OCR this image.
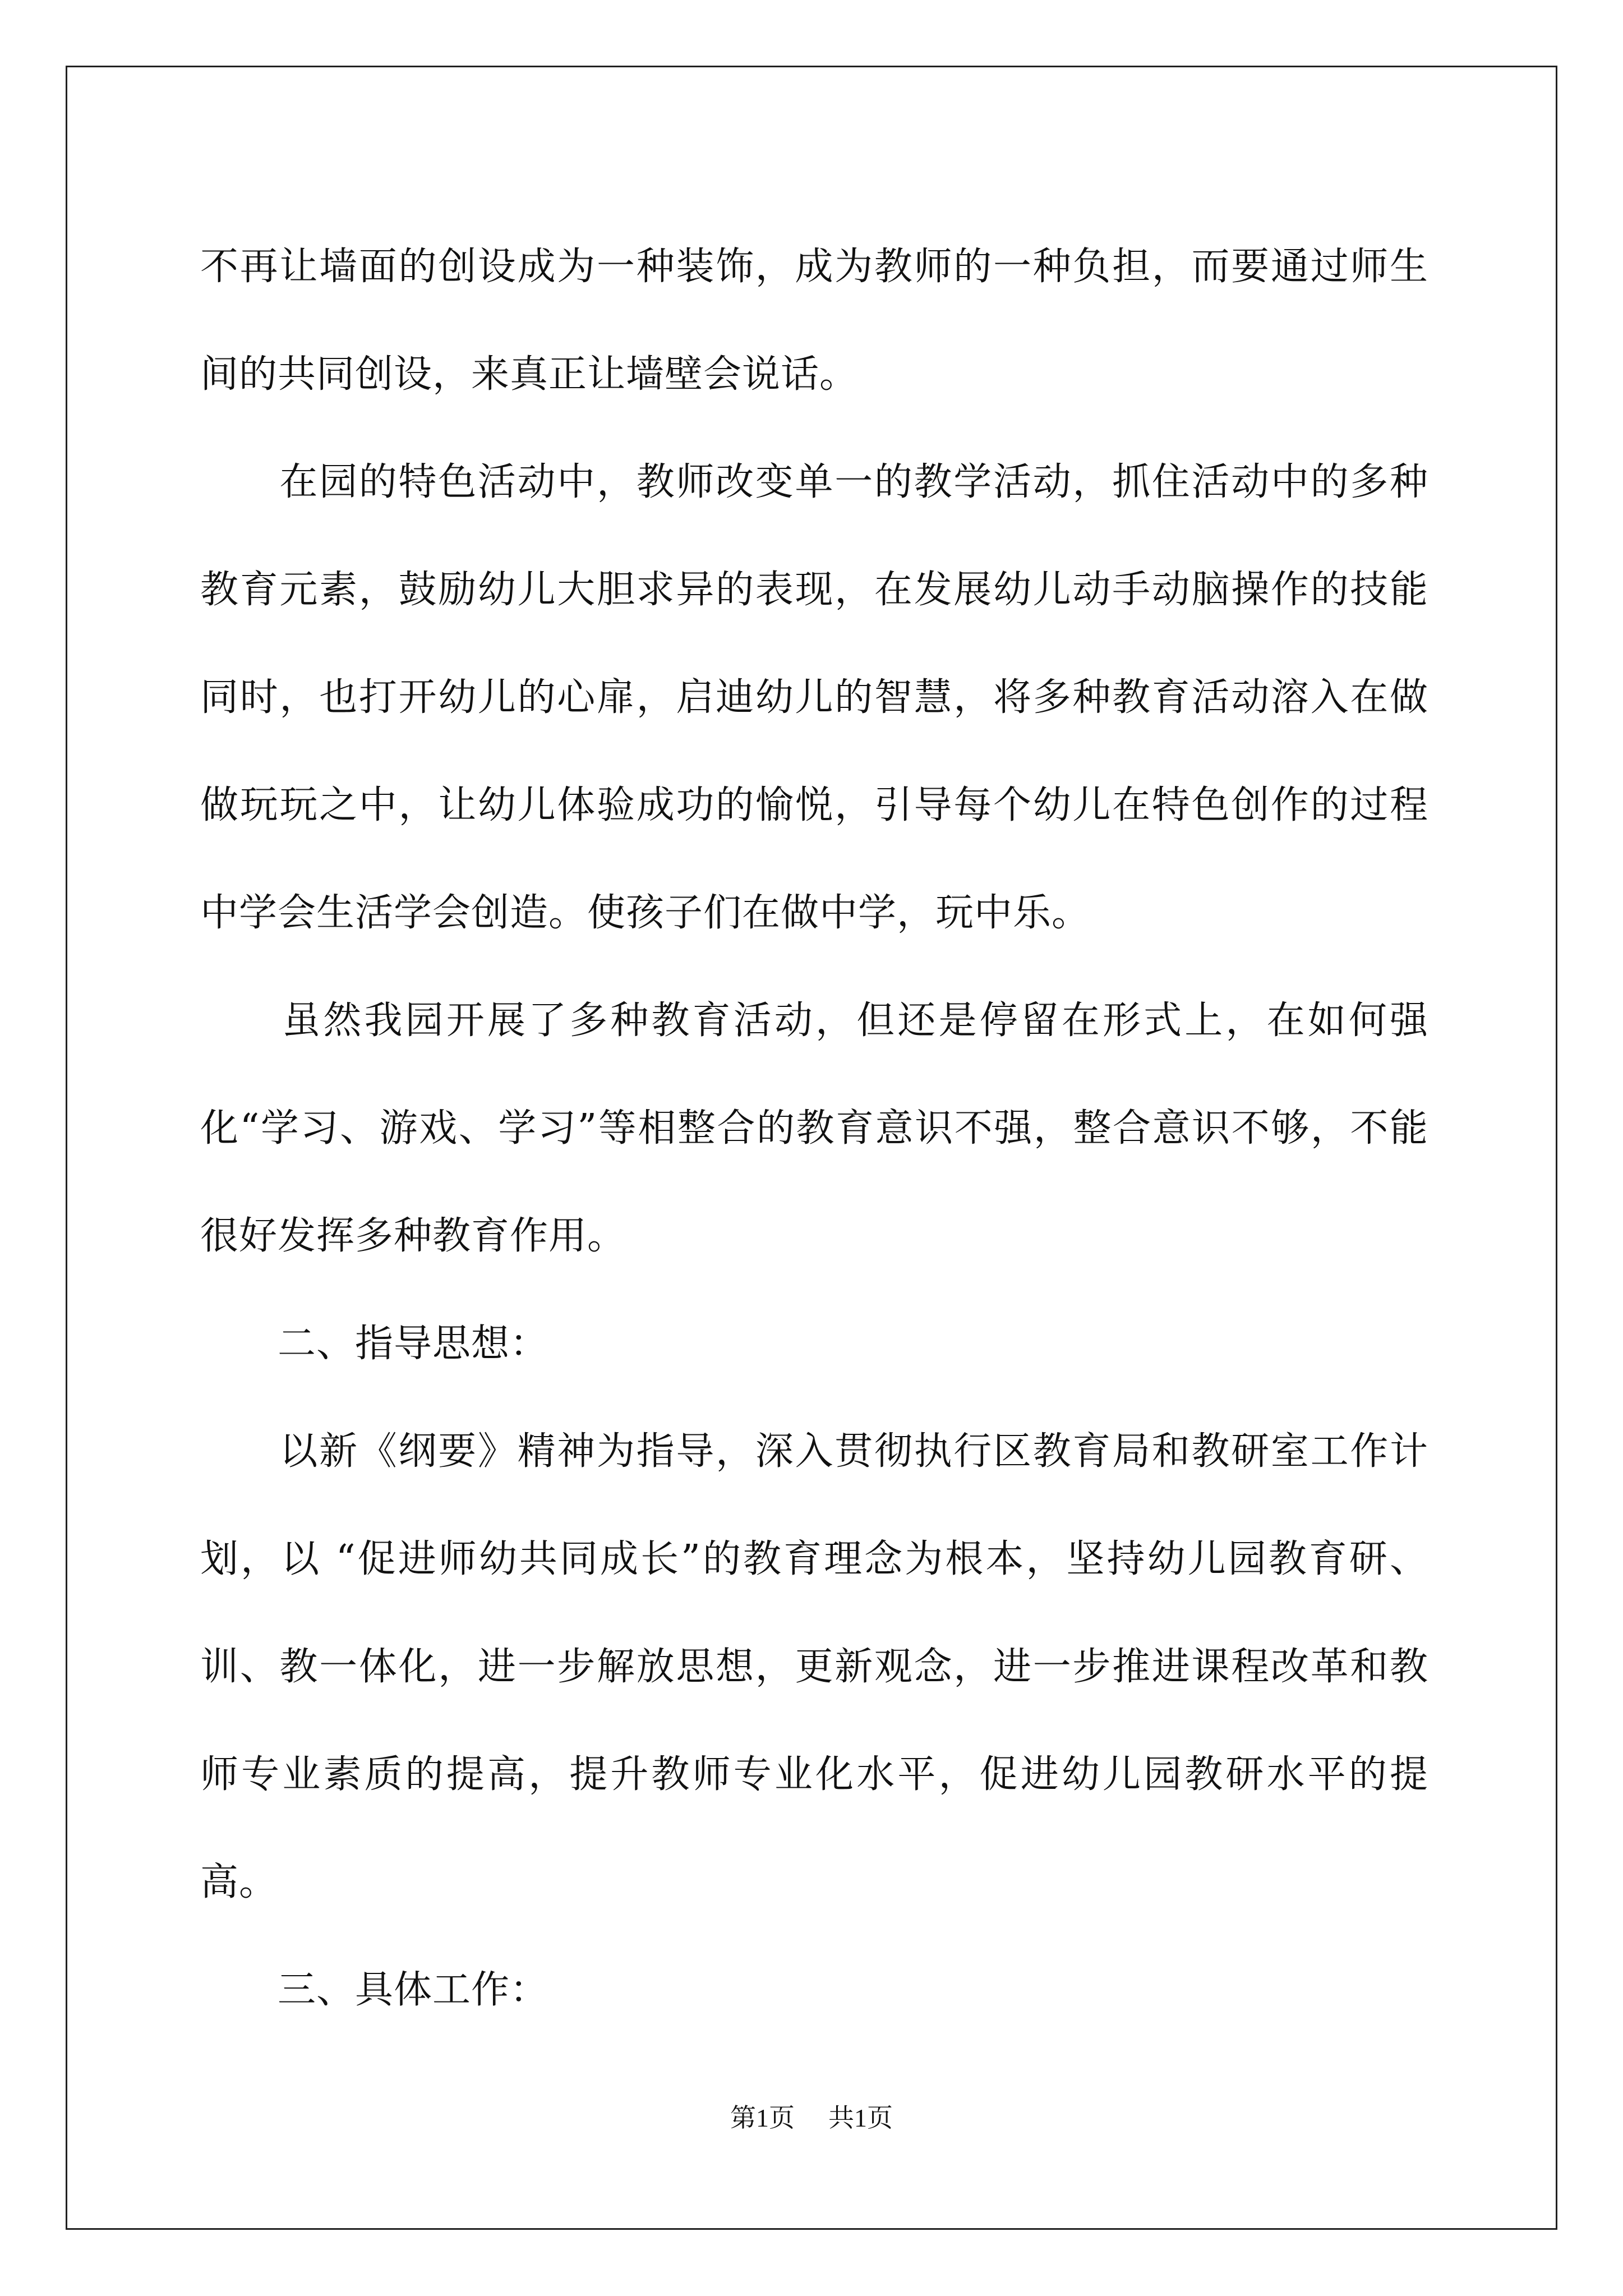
不再让墙面的创设成为一种装饰，成为教师的一种负担，而要通过师生间的共同创设，来真正让墙壁会说话。

　　在园的特色活动中，教师改变单一的教学活动，抓住活动中的多种教育元素，鼓励幼儿大胆求异的表现，在发展幼儿动手动脑操作的技能同时，也打开幼儿的心扉，启迪幼儿的智慧，将多种教育活动溶入在做做玩玩之中，让幼儿体验成功的愉悦，引导每个幼儿在特色创作的过程中学会生活学会创造。使孩子们在做中学，玩中乐。

　　虽然我园开展了多种教育活动，但还是停留在形式上，在如何强化“学习、游戏、学习”等相整合的教育意识不强，整合意识不够，不能很好发挥多种教育作用。

　　二、指导思想：

　　以新《纲要》精神为指导，深入贯彻执行区教育局和教研室工作计划，以 “促进师幼共同成长”的教育理念为根本，坚持幼儿园教育研、训、教一体化，进一步解放思想，更新观念，进一步推进课程改革和教师专业素质的提高，提升教师专业化水平，促进幼儿园教研水平的提高。

　　三、具体工作：

第1页 共1页
